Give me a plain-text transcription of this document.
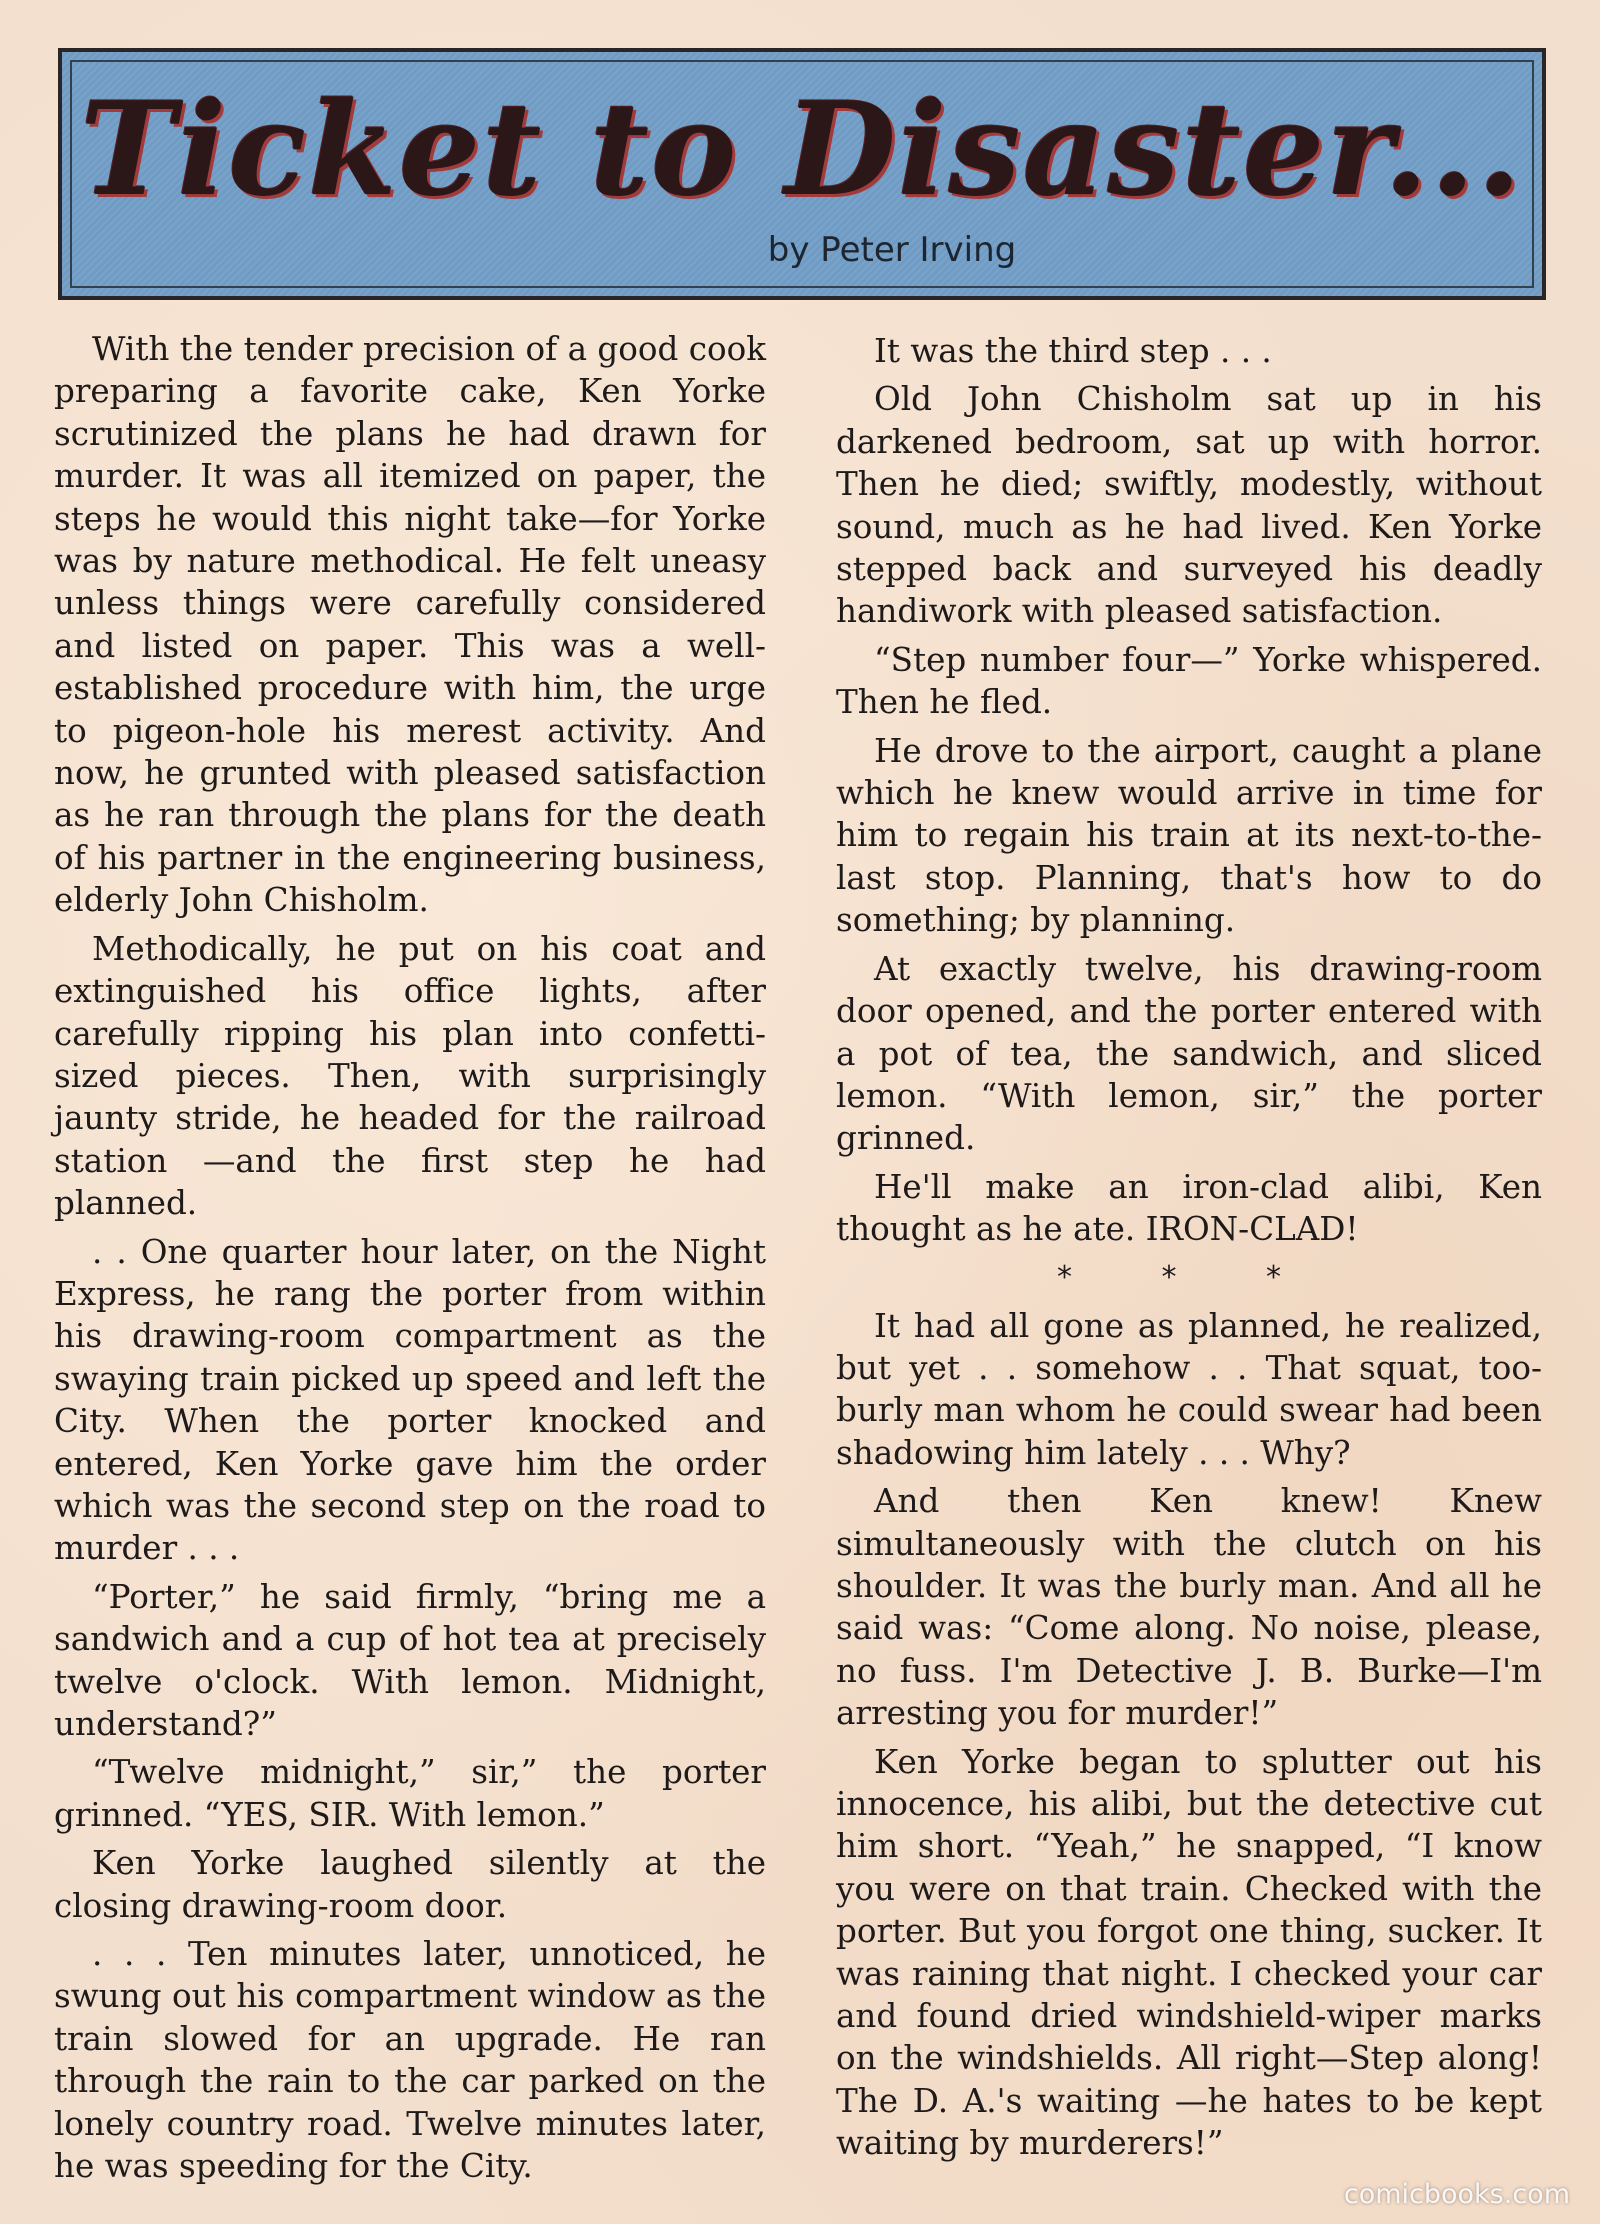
Ticket to Disaster...
by Peter Irving

With the tender precision of a good cook preparing a favorite cake, Ken Yorke scrutinized the plans he had drawn for murder. It was all itemized on paper, the steps he would this night take—for Yorke was by nature methodical. He felt uneasy unless things were carefully considered and listed on paper. This was a well-established procedure with him, the urge to pigeon-hole his merest activity. And now, he grunted with pleased satisfaction as he ran through the plans for the death of his partner in the engineering business, elderly John Chisholm.

Methodically, he put on his coat and extinguished his office lights, after carefully ripping his plan into confetti-sized pieces. Then, with surprisingly jaunty stride, he headed for the railroad station —and the first step he had planned.

. . One quarter hour later, on the Night Express, he rang the porter from within his drawing-room compartment as the swaying train picked up speed and left the City. When the porter knocked and entered, Ken Yorke gave him the order which was the second step on the road to murder . . .

“Porter,” he said firmly, “bring me a sandwich and a cup of hot tea at precisely twelve o'clock. With lemon. Midnight, understand?”

“Twelve midnight,” sir,” the porter grinned. “YES, SIR. With lemon.”

Ken Yorke laughed silently at the closing drawing-room door.

. . . Ten minutes later, unnoticed, he swung out his compartment window as the train slowed for an upgrade. He ran through the rain to the car parked on the lonely country road. Twelve minutes later, he was speeding for the City.

It was the third step . . .

Old John Chisholm sat up in his darkened bedroom, sat up with horror. Then he died; swiftly, modestly, without sound, much as he had lived. Ken Yorke stepped back and surveyed his deadly handiwork with pleased satisfaction.

“Step number four—” Yorke whispered. Then he fled.

He drove to the airport, caught a plane which he knew would arrive in time for him to regain his train at its next-to-the-last stop. Planning, that's how to do something; by planning.

At exactly twelve, his drawing-room door opened, and the porter entered with a pot of tea, the sandwich, and sliced lemon. “With lemon, sir,” the porter grinned.

He'll make an iron-clad alibi, Ken thought as he ate. IRON-CLAD!

* * *

It had all gone as planned, he realized, but yet . . somehow . . That squat, too-burly man whom he could swear had been shadowing him lately . . . Why?

And then Ken knew! Knew simultaneously with the clutch on his shoulder. It was the burly man. And all he said was: “Come along. No noise, please, no fuss. I'm Detective J. B. Burke—I'm arresting you for murder!”

Ken Yorke began to splutter out his innocence, his alibi, but the detective cut him short. “Yeah,” he snapped, “I know you were on that train. Checked with the porter. But you forgot one thing, sucker. It was raining that night. I checked your car and found dried windshield-wiper marks on the windshields. All right—Step along! The D. A.'s waiting —he hates to be kept waiting by murderers!”

comicbooks.com
